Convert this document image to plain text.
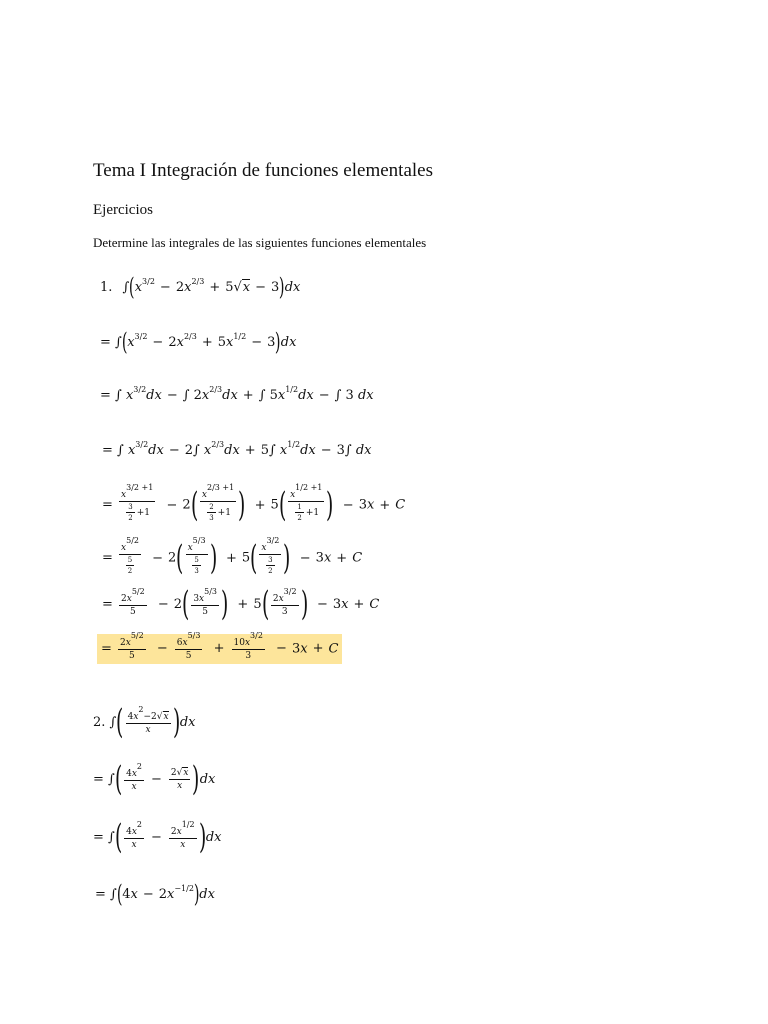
Tema I Integración de funciones elementales
Ejercicios
Determine las integrales de las siguientes funciones elementales
1. $\int(x^{3/2} - 2x^{2/3} + 5√x - 3)dx$
= $\int(x^{3/2} - 2x^{2/3} + 5x^{1/2} - 3)dx$
= ∫ $x^{3/2}dx$ − ∫ $2x^{2/3}dx$ + ∫ $5x^{1/2}dx$ − ∫ 3 dx
= ∫ $x^{3/2}dx - 2\int$ $x^{2/3}dx + 5\int$ $x^{1/2}dx - 3\int$ dx
= $\frac{x^{3/2 +1}}{\frac{3}{2} +1} - 2( \frac{x^{2/3 +1}}{\frac{2}{3} +1}$ ) + $5( \frac{x^{1/2 +1}}{\frac{1}{2} +1}$ ) − 3x + C
= $\frac{x^{5/2}}{\frac{5}{2}} - 2( \frac{x^{5/3}}{\frac{5}{3}}$ ) + $5( \frac{x^{3/2}}{\frac{3}{2}}$ ) − 3x + C
= $\frac{2x^{5/2}}{5} - 2( \frac{3x^{5/3}}{5}$ ) + $5( \frac{2x^{3/2}}{3}$ ) − 3x + C
= $\frac{2x^{5/2}}{5} - \frac{6x^{5/3}}{5} + \frac{10x^{3/2}}{3} - 3x + C$
2. ∫( $\frac{4x^2-2√x}{x} )dx$
= ∫( $\frac{4x^2}{x} - \frac{2√x}{x} )dx$
= ∫( $\frac{4x^2}{x} - \frac{2x^{1/2}}{x} )dx$
= $\int(4x - 2x^{-1/2})dx$
